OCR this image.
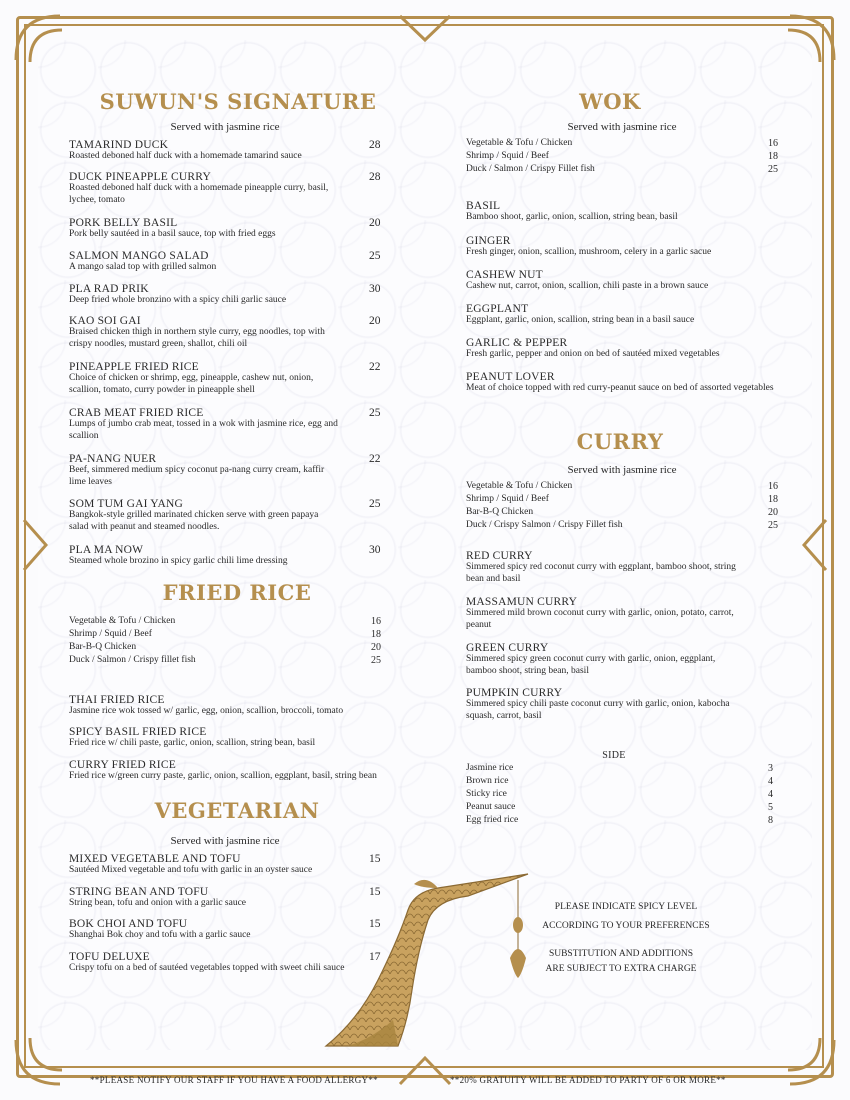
SUWUN'S SIGNATURE
Served with jasmine rice
TAMARIND DUCK
Roasted deboned half duck with a homemade tamarind sauce
28
DUCK PINEAPPLE CURRY
Roasted deboned half duck with a homemade pineapple curry, basil, lychee, tomato
28
PORK BELLY BASIL
Pork belly sautéed in a basil sauce, top with fried eggs
20
SALMON MANGO SALAD
A mango salad top with grilled salmon
25
PLA RAD PRIK
Deep fried whole bronzino with a spicy chili garlic sauce
30
KAO SOI GAI
Braised chicken thigh in northern style curry, egg noodles, top with crispy noodles, mustard green, shallot, chili oil
20
PINEAPPLE FRIED RICE
Choice of chicken or shrimp, egg, pineapple, cashew nut, onion, scallion, tomato, curry powder in pineapple shell
22
CRAB MEAT FRIED RICE
Lumps of jumbo crab meat, tossed in a wok with jasmine rice, egg and scallion
25
PA-NANG NUER
Beef, simmered medium spicy coconut pa-nang curry cream, kaffir lime leaves
22
SOM TUM GAI YANG
Bangkok-style grilled marinated chicken serve with green papaya salad with peanut and steamed noodles.
25
PLA MA NOW
Steamed whole brozino in spicy garlic chili lime dressing
30
FRIED RICE
Vegetable & Tofu / Chicken	16
Shrimp / Squid / Beef	18
Bar-B-Q Chicken	20
Duck / Salmon / Crispy fillet fish	25
THAI FRIED RICE
Jasmine rice wok tossed w/ garlic, egg, onion, scallion, broccoli, tomato
SPICY BASIL FRIED RICE
Fried rice w/ chili paste, garlic, onion, scallion, string bean, basil
CURRY FRIED RICE
Fried rice w/green curry paste, garlic, onion, scallion, eggplant, basil, string bean
VEGETARIAN
Served with jasmine rice
MIXED VEGETABLE AND TOFU
Sautéed Mixed vegetable and tofu with garlic in an oyster sauce
15
STRING BEAN AND TOFU
String bean, tofu and onion with a garlic sauce
15
BOK CHOI AND TOFU
Shanghai Bok choy and tofu with a garlic sauce
15
TOFU DELUXE
Crispy tofu on a bed of sautéed vegetables topped with sweet chili sauce
17
WOK
Served with jasmine rice
Vegetable & Tofu / Chicken	16
Shrimp / Squid / Beef	18
Duck / Salmon / Crispy Fillet fish	25
BASIL
Bamboo shoot, garlic, onion, scallion, string bean, basil
GINGER
Fresh ginger, onion, scallion, mushroom, celery in a garlic sacue
CASHEW NUT
Cashew nut, carrot, onion, scallion, chili paste in a brown sauce
EGGPLANT
Eggplant, garlic, onion, scallion, string bean in a basil sauce
GARLIC & PEPPER
Fresh garlic, pepper and onion on bed of sautéed mixed vegetables
PEANUT LOVER
Meat of choice topped with red curry-peanut sauce on bed of assorted vegetables
CURRY
Served with jasmine rice
Vegetable & Tofu / Chicken	16
Shrimp / Squid / Beef	18
Bar-B-Q Chicken	20
Duck / Crispy Salmon / Crispy Fillet fish	25
RED CURRY
Simmered spicy red coconut curry with eggplant, bamboo shoot, string bean and basil
MASSAMUN CURRY
Simmered mild brown coconut curry with garlic, onion, potato, carrot, peanut
GREEN CURRY
Simmered spicy green coconut curry with garlic, onion, eggplant, bamboo shoot, string bean, basil
PUMPKIN CURRY
Simmered spicy chili paste coconut curry with garlic, onion, kabocha squash, carrot, basil
SIDE
Jasmine rice	3
Brown rice	4
Sticky rice	4
Peanut sauce	5
Egg fried rice	8
PLEASE INDICATE SPICY LEVEL
ACCORDING TO YOUR PREFERENCES
SUBSTITUTION AND ADDITIONS
ARE SUBJECT TO EXTRA CHARGE
**PLEASE NOTIFY OUR STAFF IF YOU HAVE A FOOD ALLERGY**	**20% GRATUITY WILL BE ADDED TO PARTY OF 6 OR MORE**
